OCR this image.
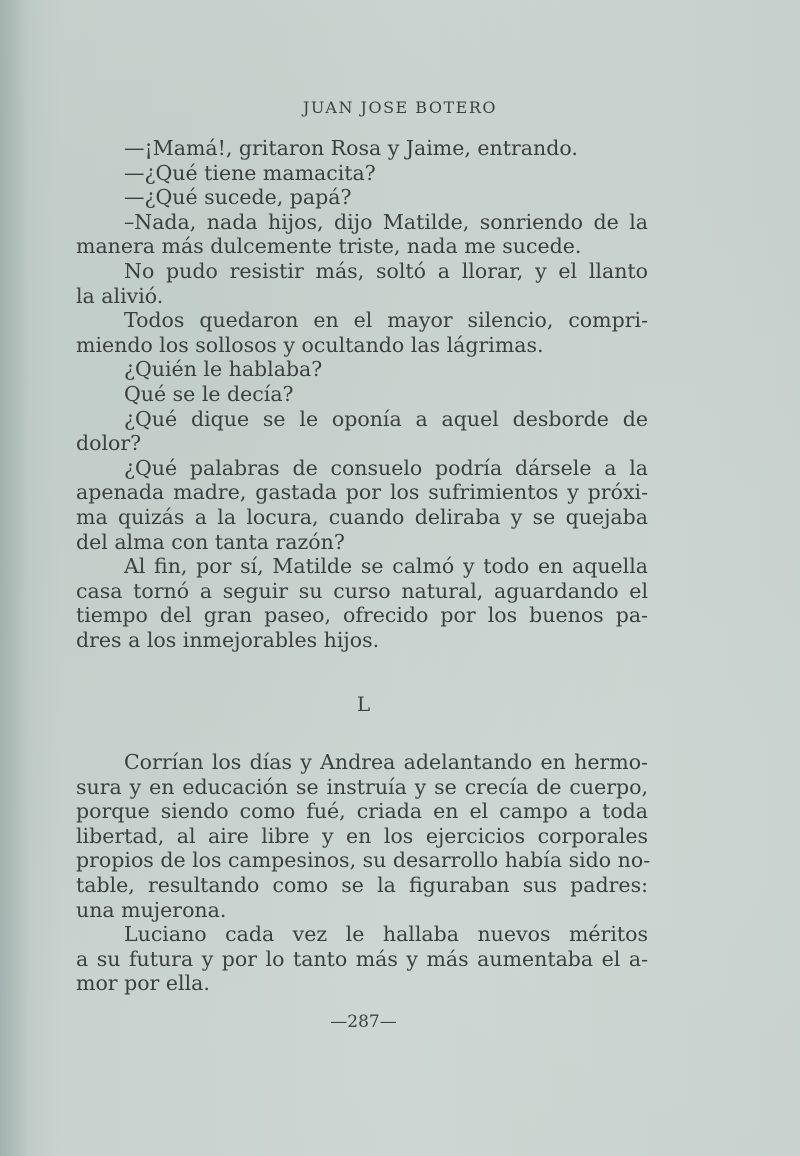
JUAN JOSE BOTERO
—¡Mamá!, gritaron Rosa y Jaime, entrando.
—¿Qué tiene mamacita?
—¿Qué sucede, papá?
–Nada, nada hijos, dijo Matilde, sonriendo de la
manera más dulcemente triste, nada me sucede.
No pudo resistir más, soltó a llorar, y el llanto
la alivió.
Todos quedaron en el mayor silencio, compri-
miendo los sollosos y ocultando las lágrimas.
¿Quién le hablaba?
Qué se le decía?
¿Qué dique se le oponía a aquel desborde de
dolor?
¿Qué palabras de consuelo podría dársele a la
apenada madre, gastada por los sufrimientos y próxi-
ma quizás a la locura, cuando deliraba y se quejaba
del alma con tanta razón?
Al fin, por sí, Matilde se calmó y todo en aquella
casa tornó a seguir su curso natural, aguardando el
tiempo del gran paseo, ofrecido por los buenos pa-
dres a los inmejorables hijos.
L
Corrían los días y Andrea adelantando en hermo-
sura y en educación se instruía y se crecía de cuerpo,
porque siendo como fué, criada en el campo a toda
libertad, al aire libre y en los ejercicios corporales
propios de los campesinos, su desarrollo había sido no-
table, resultando como se la figuraban sus padres:
una mujerona.
Luciano cada vez le hallaba nuevos méritos
a su futura y por lo tanto más y más aumentaba el a-
mor por ella.
—287—
